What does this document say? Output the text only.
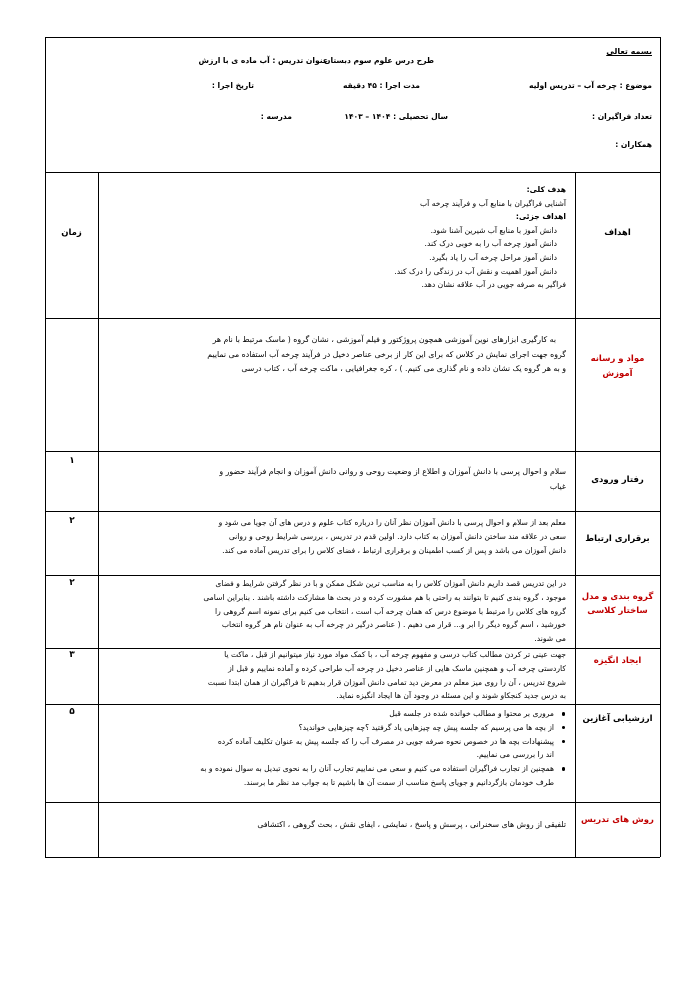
بسمه تعالی
طرح درس علوم سوم دبستان
عنوان تدریس : آب ماده ی با ارزش
موضوع : چرخه آب – تدریس اولیه
مدت اجرا : ۴۵ دقیقه
تاریخ اجرا :
تعداد فراگیران :
سال تحصیلی : ۱۴۰۴ – ۱۴۰۳
مدرسه :
همکاران :
اهداف
زمان

هدف کلی:

آشنایی فراگیران با منابع آب و فرآیند چرخه آب

اهداف جزئی:

دانش آموز با منابع آب شیرین آشنا شود.

دانش آموز چرخه آب را به خوبی درک کند.

دانش آموز مراحل چرخه آب را یاد بگیرد.

دانش آموز اهمیت و نقش آب در زندگی را درک کند.

فراگیر به صرفه جویی در آب علاقه نشان دهد.

مواد و رسانه آموزش

به کارگیری ابزارهای نوین آموزشی همچون پروژکتور و فیلم آموزشی ، نشان گروه ( ماسک مرتبط با نام هر

گروه جهت اجرای نمایش در کلاس که برای این کار از برخی عناصر دخیل در فرآیند چرخه آب استفاده می نماییم

و به هر گروه یک نشان داده و نام گذاری می کنیم. ) ، کره جغرافیایی ، ماکت چرخه آب ، کتاب درسی

۱
رفتار ورودی

سلام و احوال پرسی با دانش آموزان و اطلاع از وضعیت روحی و روانی دانش آموزان و انجام فرآیند حضور و

غیاب

۲
برقراری ارتباط

معلم بعد از سلام و احوال پرسی با دانش آموزان نظر آنان را درباره کتاب علوم و درس های آن جویا می شود و

سعی در علاقه مند ساختن دانش آموزان به کتاب دارد. اولین قدم در تدریس ، بررسی شرایط روحی و روانی

دانش آموزان می باشد و پس از کسب اطمینان و برقراری ارتباط ، فضای کلاس را برای تدریس آماده می کند.

۲
گروه بندی و مدل ساختار کلاسی

در این تدریس قصد داریم دانش آموزان کلاس را به مناسب ترین شکل ممکن و با در نظر گرفتن شرایط و فضای

موجود ، گروه بندی کنیم تا بتوانند به راحتی با هم مشورت کرده و در بحث ها مشارکت داشته باشند . بنابراین اسامی

گروه های کلاس را مرتبط با موضوع درس که همان چرخه آب است ، انتخاب می کنیم برای نمونه اسم گروهی را

خورشید ، اسم گروه دیگر را ابر و... قرار می دهیم . ( عناصر درگیر در چرخه آب به عنوان نام هر گروه انتخاب

می شوند.

۳
ایجاد انگیزه

جهت عینی تر کردن مطالب کتاب درسی و مفهوم چرخه آب ، با کمک مواد مورد نیاز میتوانیم از قبل ، ماکت یا

کاردستی چرخه آب و همچنین ماسک هایی از عناصر دخیل در چرخه آب طراحی کرده و آماده نماییم و قبل از

شروع تدریس ، آن را روی میز معلم در معرض دید تمامی دانش آموزان قرار بدهیم تا فراگیران از همان ابتدا نسبت

به درس جدید کنجکاو شوند و این مسئله در وجود آن ها ایجاد انگیزه نماید.

۵
ارزشیابی آغازین
مروری بر محتوا و مطالب خوانده شده در جلسه قبل
از بچه ها می پرسیم که جلسه پیش چه چیزهایی یاد گرفتید ؟چه چیزهایی خواندید؟
پیشنهادات بچه ها در خصوص نحوه صرفه جویی در مصرف آب را که جلسه پیش به عنوان تکلیف آماده کرده
اند را بررسی می نماییم.
همچنین از تجارب فراگیران استفاده می کنیم و سعی می نماییم تجارب آنان را به نحوی تبدیل به سوال نموده و به
طرف خودمان بازگردانیم و جویای پاسخ مناسب از سمت آن ها باشیم تا به جواب مد نظر ما برسند.
روش های تدریس

تلفیقی از روش های سخنرانی ، پرسش و پاسخ ، نمایشی ، ایفای نقش ، بحث گروهی ، اکتشافی
